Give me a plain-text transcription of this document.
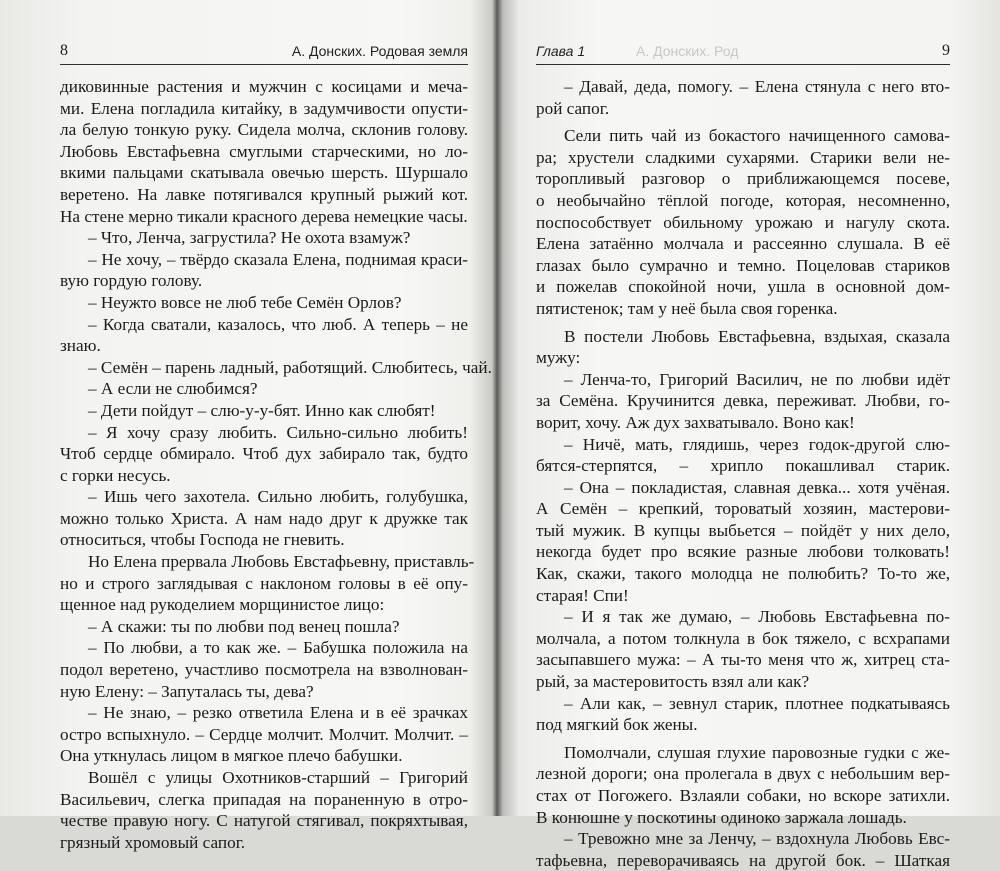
8	А. Донских. Родовая земля
диковинные растения и мужчин с косицами и меча-
ми. Елена погладила китайку, в задумчивости опусти-
ла белую тонкую руку. Сидела молча, склонив голову.
Любовь Евстафьевна смуглыми старческими, но ло-
вкими пальцами скатывала овечью шерсть. Шуршало
веретено. На лавке потягивался крупный рыжий кот.
На стене мерно тикали красного дерева немецкие часы.
– Что, Ленча, загрустила? Не охота взамуж?
– Не хочу, – твёрдо сказала Елена, поднимая краси-
вую гордую голову.
– Неужто вовсе не люб тебе Семён Орлов?
– Когда сватали, казалось, что люб. А теперь – не
знаю.
– Семён – парень ладный, работящий. Слюбитесь, чай.
– А если не слюбимся?
– Дети пойдут – слю-у-у-бят. Инно как слюбят!
– Я хочу сразу любить. Сильно-сильно любить!
Чтоб сердце обмирало. Чтоб дух забирало так, будто
с горки несусь.
– Ишь чего захотела. Сильно любить, голубушка,
можно только Христа. А нам надо друг к дружке так
относиться, чтобы Господа не гневить.
Но Елена прервала Любовь Евстафьевну, приставль-
но и строго заглядывая с наклоном головы в её опу-
щенное над рукоделием морщинистое лицо:
– А скажи: ты по любви под венец пошла?
– По любви, а то как же. – Бабушка положила на
подол веретено, участливо посмотрела на взволнован-
ную Елену: – Запуталась ты, дева?
– Не знаю, – резко ответила Елена и в её зрачках
остро вспыхнуло. – Сердце молчит. Молчит. Молчит. –
Она уткнулась лицом в мягкое плечо бабушки.
Вошёл с улицы Охотников-старший – Григорий
Васильевич, слегка припадая на пораненную в отро-
честве правую ногу. С натугой стягивал, покряхтывая,
грязный хромовый сапог.
Глава 1	А. Донских. Род	9
– Давай, деда, помогу. – Елена стянула с него вто-
рой сапог.
Сели пить чай из бокастого начищенного самова-
ра; хрустели сладкими сухарями. Старики вели не-
торопливый разговор о приближающемся посеве,
о необычайно тёплой погоде, которая, несомненно,
поспособствует обильному урожаю и нагулу скота.
Елена затаённо молчала и рассеянно слушала. В её
глазах было сумрачно и темно. Поцеловав стариков
и пожелав спокойной ночи, ушла в основной дом-
пятистенок; там у неё была своя горенка.
В постели Любовь Евстафьевна, вздыхая, сказала
мужу:
– Ленча-то, Григорий Василич, не по любви идёт
за Семёна. Кручинится девка, переживат. Любви, го-
ворит, хочу. Аж дух захватывало. Воно как!
– Ничё, мать, глядишь, через годок-другой слю-
бятся-стерпятся, – хрипло покашливал старик.
– Она – покладистая, славная девка... хотя учёная.
А Семён – крепкий, тороватый хозяин, мастерови-
тый мужик. В купцы выбьется – пойдёт у них дело,
некогда будет про всякие разные любови толковать!
Как, скажи, такого молодца не полюбить? То-то же,
старая! Спи!
– И я так же думаю, – Любовь Евстафьевна по-
молчала, а потом толкнула в бок тяжело, с всхрапами
засыпавшего мужа: – А ты-то меня что ж, хитрец ста-
рый, за мастеровитость взял али как?
– Али как, – зевнул старик, плотнее подкатываясь
под мягкий бок жены.
Помолчали, слушая глухие паровозные гудки с же-
лезной дороги; она пролегала в двух с небольшим вер-
стах от Погожего. Взлаяли собаки, но вскоре затихли.
В конюшне у поскотины одиноко заржала лошадь.
– Тревожно мне за Ленчу, – вздохнула Любовь Евс-
тафьевна, переворачиваясь на другой бок. – Шаткая
